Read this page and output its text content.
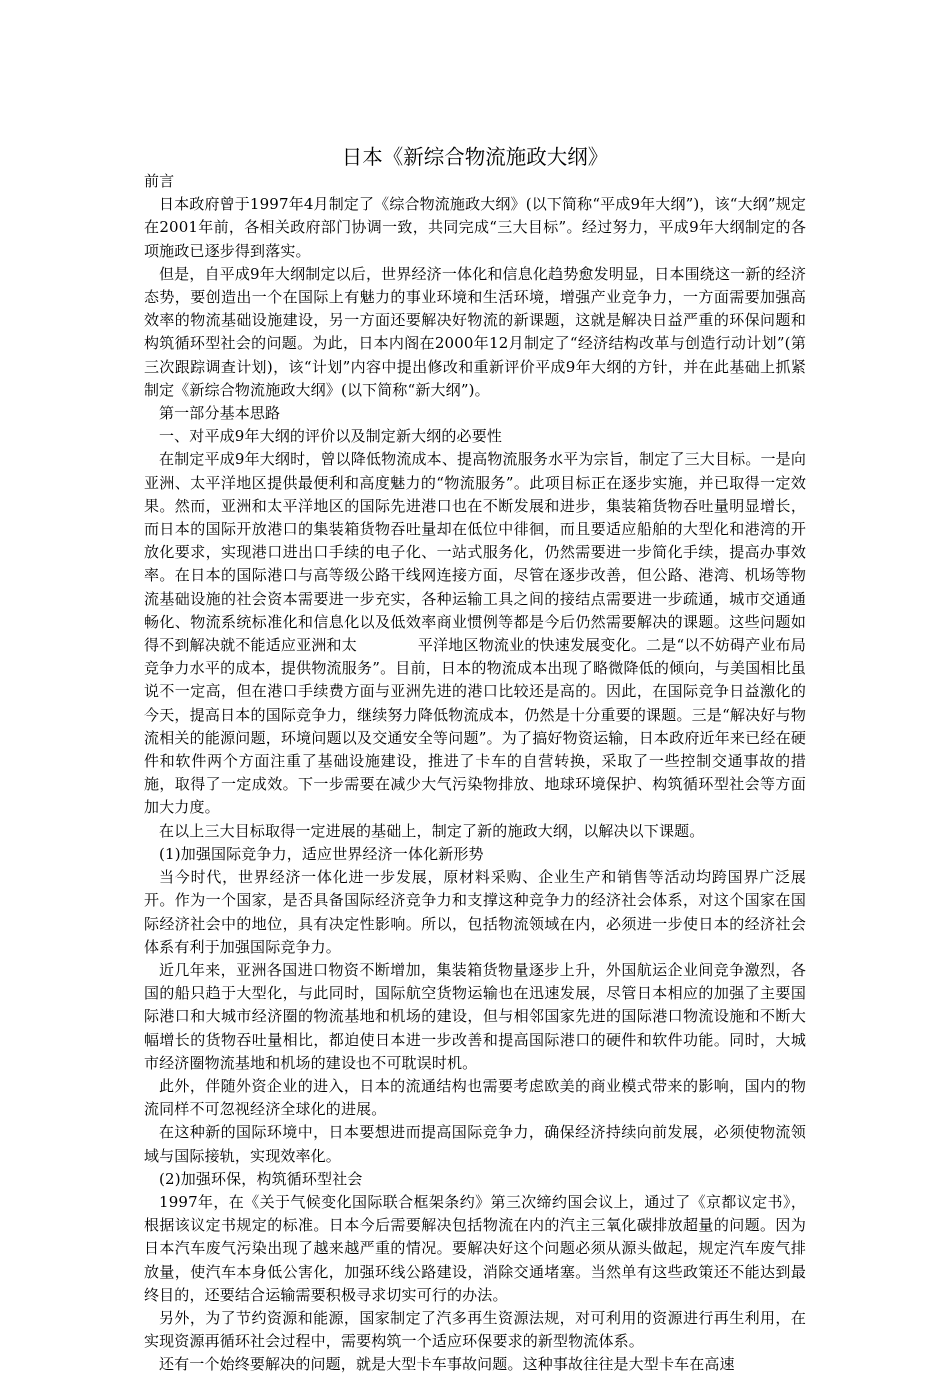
日本《新综合物流施政大纲》

前言

日本政府曾于1997年4月制定了《综合物流施政大纲》(以下简称“平成9年大纲”)，该“大纲”规定在2001年前，各相关政府部门协调一致，共同完成“三大目标”。经过努力，平成9年大纲制定的各项施政已逐步得到落实。

但是，自平成9年大纲制定以后，世界经济一体化和信息化趋势愈发明显，日本围绕这一新的经济态势，要创造出一个在国际上有魅力的事业环境和生活环境，增强产业竞争力，一方面需要加强高效率的物流基础设施建设，另一方面还要解决好物流的新课题，这就是解决日益严重的环保问题和构筑循环型社会的问题。为此，日本内阁在2000年12月制定了“经济结构改革与创造行动计划”(第三次跟踪调查计划)，该“计划”内容中提出修改和重新评价平成9年大纲的方针，并在此基础上抓紧制定《新综合物流施政大纲》(以下简称“新大纲”)。

第一部分基本思路

一、对平成9年大纲的评价以及制定新大纲的必要性

在制定平成9年大纲时，曾以降低物流成本、提高物流服务水平为宗旨，制定了三大目标。一是向亚洲、太平洋地区提供最便利和高度魅力的“物流服务”。此项目标正在逐步实施，并已取得一定效果。然而，亚洲和太平洋地区的国际先进港口也在不断发展和进步，集装箱货物吞吐量明显增长，而日本的国际开放港口的集装箱货物吞吐量却在低位中徘徊，而且要适应船舶的大型化和港湾的开放化要求，实现港口进出口手续的电子化、一站式服务化，仍然需要进一步简化手续，提高办事效率。在日本的国际港口与高等级公路干线网连接方面，尽管在逐步改善，但公路、港湾、机场等物流基础设施的社会资本需要进一步充实，各种运输工具之间的接结点需要进一步疏通，城市交通通畅化、物流系统标准化和信息化以及低效率商业惯例等都是今后仍然需要解决的课题。这些问题如得不到解决就不能适应亚洲和太　　　　平洋地区物流业的快速发展变化。二是“以不妨碍产业布局竞争力水平的成本，提供物流服务”。目前，日本的物流成本出现了略微降低的倾向，与美国相比虽说不一定高，但在港口手续费方面与亚洲先进的港口比较还是高的。因此，在国际竞争日益激化的今天，提高日本的国际竞争力，继续努力降低物流成本，仍然是十分重要的课题。三是“解决好与物流相关的能源问题，环境问题以及交通安全等问题”。为了搞好物资运输，日本政府近年来已经在硬件和软件两个方面注重了基础设施建设，推进了卡车的自营转换，采取了一些控制交通事故的措施，取得了一定成效。下一步需要在减少大气污染物排放、地球环境保护、构筑循环型社会等方面加大力度。

在以上三大目标取得一定进展的基础上，制定了新的施政大纲，以解决以下课题。

(1)加强国际竞争力，适应世界经济一体化新形势

当今时代，世界经济一体化进一步发展，原材料采购、企业生产和销售等活动均跨国界广泛展开。作为一个国家，是否具备国际经济竞争力和支撑这种竞争力的经济社会体系，对这个国家在国际经济社会中的地位，具有决定性影响。所以，包括物流领域在内，必须进一步使日本的经济社会体系有利于加强国际竞争力。

近几年来，亚洲各国进口物资不断增加，集装箱货物量逐步上升，外国航运企业间竞争激烈，各国的船只趋于大型化，与此同时，国际航空货物运输也在迅速发展，尽管日本相应的加强了主要国际港口和大城市经济圈的物流基地和机场的建设，但与相邻国家先进的国际港口物流设施和不断大幅增长的货物吞吐量相比，都迫使日本进一步改善和提高国际港口的硬件和软件功能。同时，大城市经济圈物流基地和机场的建设也不可耽误时机。

此外，伴随外资企业的进入，日本的流通结构也需要考虑欧美的商业模式带来的影响，国内的物流同样不可忽视经济全球化的进展。

在这种新的国际环境中，日本要想进而提高国际竞争力，确保经济持续向前发展，必须使物流领域与国际接轨，实现效率化。

(2)加强环保，构筑循环型社会

1997年，在《关于气候变化国际联合框架条约》第三次缔约国会议上，通过了《京都议定书》，根据该议定书规定的标准。日本今后需要解决包括物流在内的汽主三氧化碳排放超量的问题。因为日本汽车废气污染出现了越来越严重的情况。要解决好这个问题必须从源头做起，规定汽车废气排放量，使汽车本身低公害化，加强环线公路建设，消除交通堵塞。当然单有这些政策还不能达到最终目的，还要结合运输需要积极寻求切实可行的办法。

另外，为了节约资源和能源，国家制定了汽多再生资源法规，对可利用的资源进行再生利用，在实现资源再循环社会过程中，需要构筑一个适应环保要求的新型物流体系。

还有一个始终要解决的问题，就是大型卡车事故问题。这种事故往往是大型卡车在高速
